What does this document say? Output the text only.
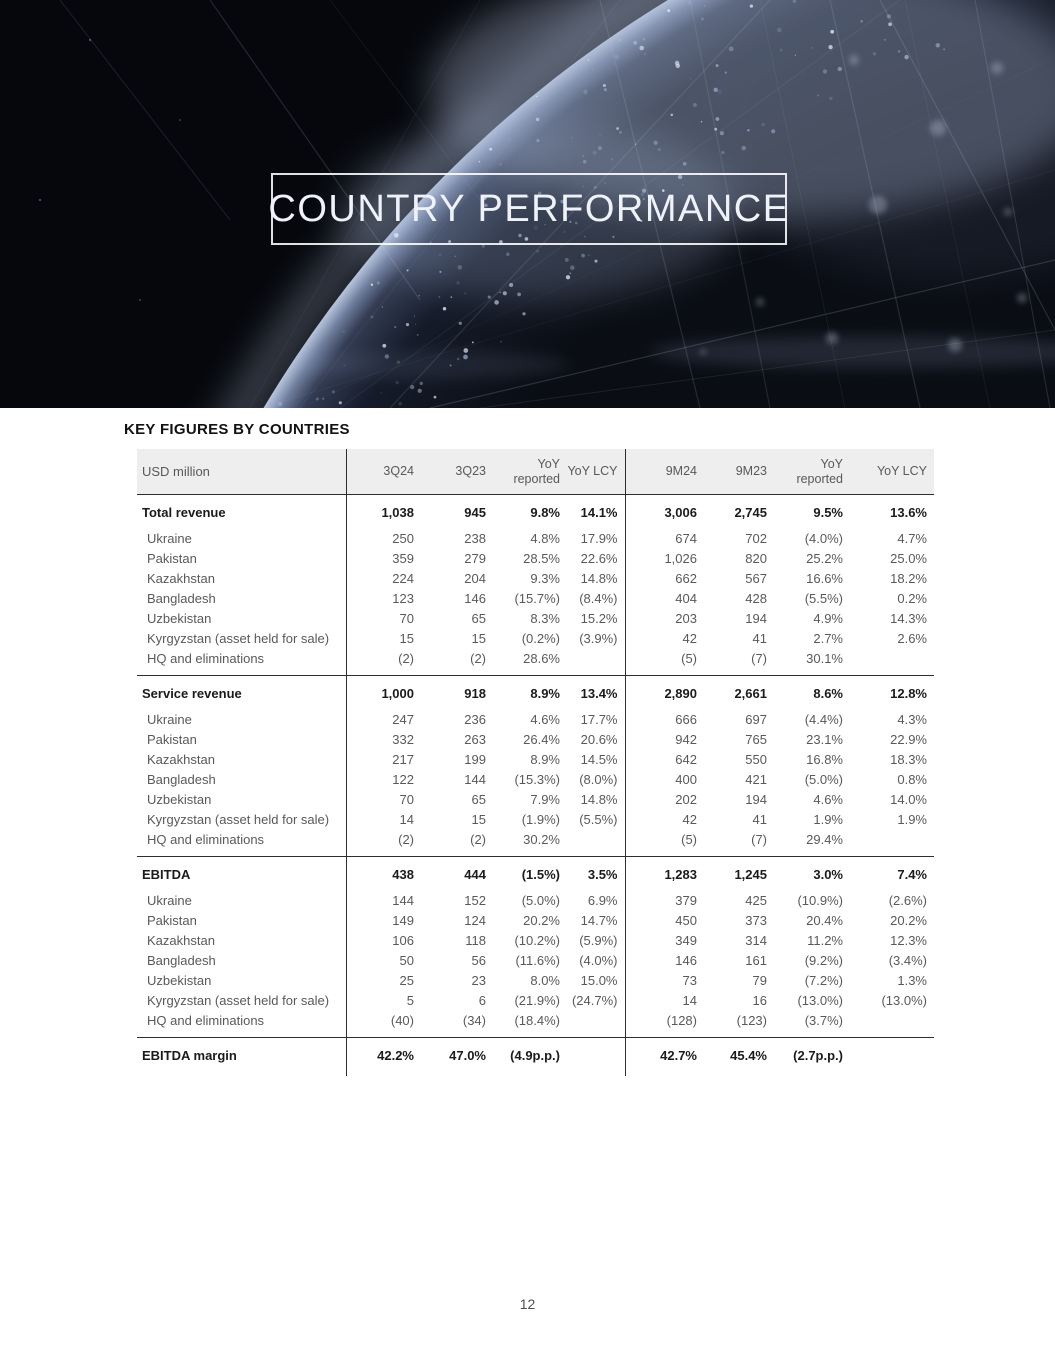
COUNTRY PERFORMANCE
KEY FIGURES BY COUNTRIES
USD million	3Q24	3Q23	YoY reported	YoY LCY	9M24	9M23	YoY reported	YoY LCY
Total revenue	1,038	945	9.8%	14.1%	3,006	2,745	9.5%	13.6%
Ukraine	250	238	4.8%	17.9%	674	702	(4.0%)	4.7%
Pakistan	359	279	28.5%	22.6%	1,026	820	25.2%	25.0%
Kazakhstan	224	204	9.3%	14.8%	662	567	16.6%	18.2%
Bangladesh	123	146	(15.7%)	(8.4%)	404	428	(5.5%)	0.2%
Uzbekistan	70	65	8.3%	15.2%	203	194	4.9%	14.3%
Kyrgyzstan (asset held for sale)	15	15	(0.2%)	(3.9%)	42	41	2.7%	2.6%
HQ and eliminations	(2)	(2)	28.6%		(5)	(7)	30.1%	
Service revenue	1,000	918	8.9%	13.4%	2,890	2,661	8.6%	12.8%
Ukraine	247	236	4.6%	17.7%	666	697	(4.4%)	4.3%
Pakistan	332	263	26.4%	20.6%	942	765	23.1%	22.9%
Kazakhstan	217	199	8.9%	14.5%	642	550	16.8%	18.3%
Bangladesh	122	144	(15.3%)	(8.0%)	400	421	(5.0%)	0.8%
Uzbekistan	70	65	7.9%	14.8%	202	194	4.6%	14.0%
Kyrgyzstan (asset held for sale)	14	15	(1.9%)	(5.5%)	42	41	1.9%	1.9%
HQ and eliminations	(2)	(2)	30.2%		(5)	(7)	29.4%	
EBITDA	438	444	(1.5%)	3.5%	1,283	1,245	3.0%	7.4%
Ukraine	144	152	(5.0%)	6.9%	379	425	(10.9%)	(2.6%)
Pakistan	149	124	20.2%	14.7%	450	373	20.4%	20.2%
Kazakhstan	106	118	(10.2%)	(5.9%)	349	314	11.2%	12.3%
Bangladesh	50	56	(11.6%)	(4.0%)	146	161	(9.2%)	(3.4%)
Uzbekistan	25	23	8.0%	15.0%	73	79	(7.2%)	1.3%
Kyrgyzstan (asset held for sale)	5	6	(21.9%)	(24.7%)	14	16	(13.0%)	(13.0%)
HQ and eliminations	(40)	(34)	(18.4%)		(128)	(123)	(3.7%)	
EBITDA margin	42.2%	47.0%	(4.9p.p.)		42.7%	45.4%	(2.7p.p.)	
12
